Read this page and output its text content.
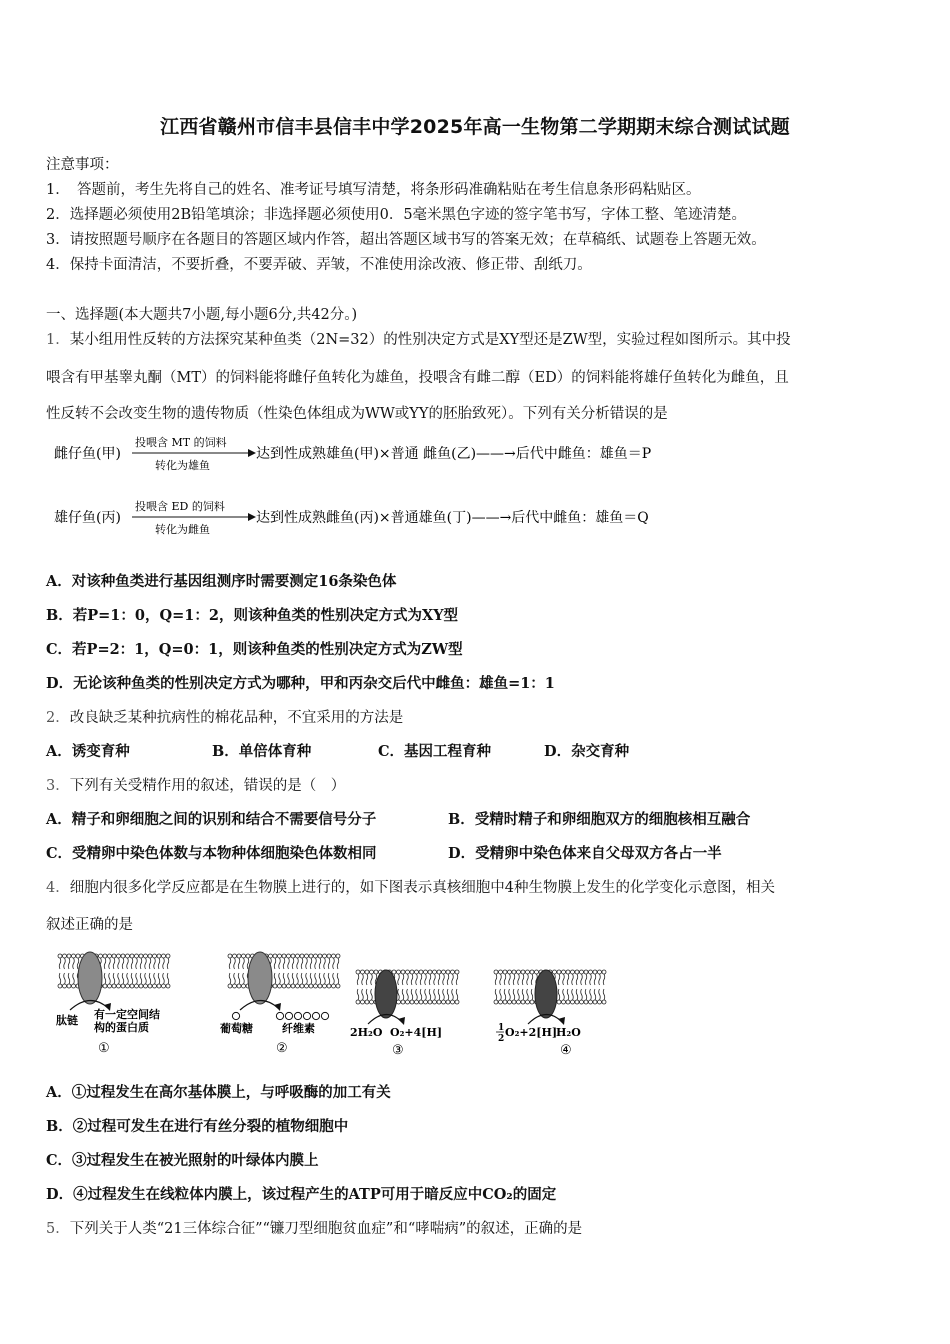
江西省赣州市信丰县信丰中学2025年高一生物第二学期期末综合测试试题
注意事项：
1．　答题前，考生先将自己的姓名、准考证号填写清楚，将条形码准确粘贴在考生信息条形码粘贴区。
2．选择题必须使用2B铅笔填涂；非选择题必须使用0．5毫米黑色字迹的签字笔书写，字体工整、笔迹清楚。
3．请按照题号顺序在各题目的答题区域内作答，超出答题区域书写的答案无效；在草稿纸、试题卷上答题无效。
4．保持卡面清洁，不要折叠，不要弄破、弄皱，不准使用涂改液、修正带、刮纸刀。
一、选择题(本大题共7小题,每小题6分,共42分。)
1．某小组用性反转的方法探究某种鱼类（2N=32）的性别决定方式是XY型还是ZW型，实验过程如图所示。其中投
喂含有甲基睾丸酮（MT）的饲料能将雌仔鱼转化为雄鱼，投喂含有雌二醇（ED）的饲料能将雄仔鱼转化为雌鱼，且
性反转不会改变生物的遗传物质（性染色体组成为WW或YY的胚胎致死）。下列有关分析错误的是
雌仔鱼(甲)
投喂含 MT 的饲料
转化为雄鱼
达到性成熟雄鱼(甲)×普通 雌鱼(乙)——→后代中雌鱼：雄鱼＝P
雄仔鱼(丙)
投喂含 ED 的饲料
转化为雌鱼
达到性成熟雌鱼(丙)×普通雄鱼(丁)——→后代中雌鱼：雄鱼＝Q
A．对该种鱼类进行基因组测序时需要测定16条染色体
B．若P=1：0，Q=1：2，则该种鱼类的性别决定方式为XY型
C．若P=2：1，Q=0：1，则该种鱼类的性别决定方式为ZW型
D．无论该种鱼类的性别决定方式为哪种，甲和丙杂交后代中雌鱼：雄鱼=1：1
2．改良缺乏某种抗病性的棉花品种，不宜采用的方法是
A．诱变育种	B．单倍体育种	C．基因工程育种	D．杂交育种
3．下列有关受精作用的叙述，错误的是（　）
A．精子和卵细胞之间的识别和结合不需要信号分子	B．受精时精子和卵细胞双方的细胞核相互融合
C．受精卵中染色体数与本物种体细胞染色体数相同	D．受精卵中染色体来自父母双方各占一半
4．细胞内很多化学反应都是在生物膜上进行的，如下图表示真核细胞中4种生物膜上发生的化学变化示意图，相关
叙述正确的是
肽链 有一定空间结
构的蛋白质
①
葡萄糖	纤维素
②
2H₂O O₂+4[H]
③
1
2 O₂+2[H]
H₂O
④
A．①过程发生在高尔基体膜上，与呼吸酶的加工有关
B．②过程可发生在进行有丝分裂的植物细胞中
C．③过程发生在被光照射的叶绿体内膜上
D．④过程发生在线粒体内膜上，该过程产生的ATP可用于暗反应中CO₂的固定
5．下列关于人类“21三体综合征”“镰刀型细胞贫血症”和“哮喘病”的叙述，正确的是
